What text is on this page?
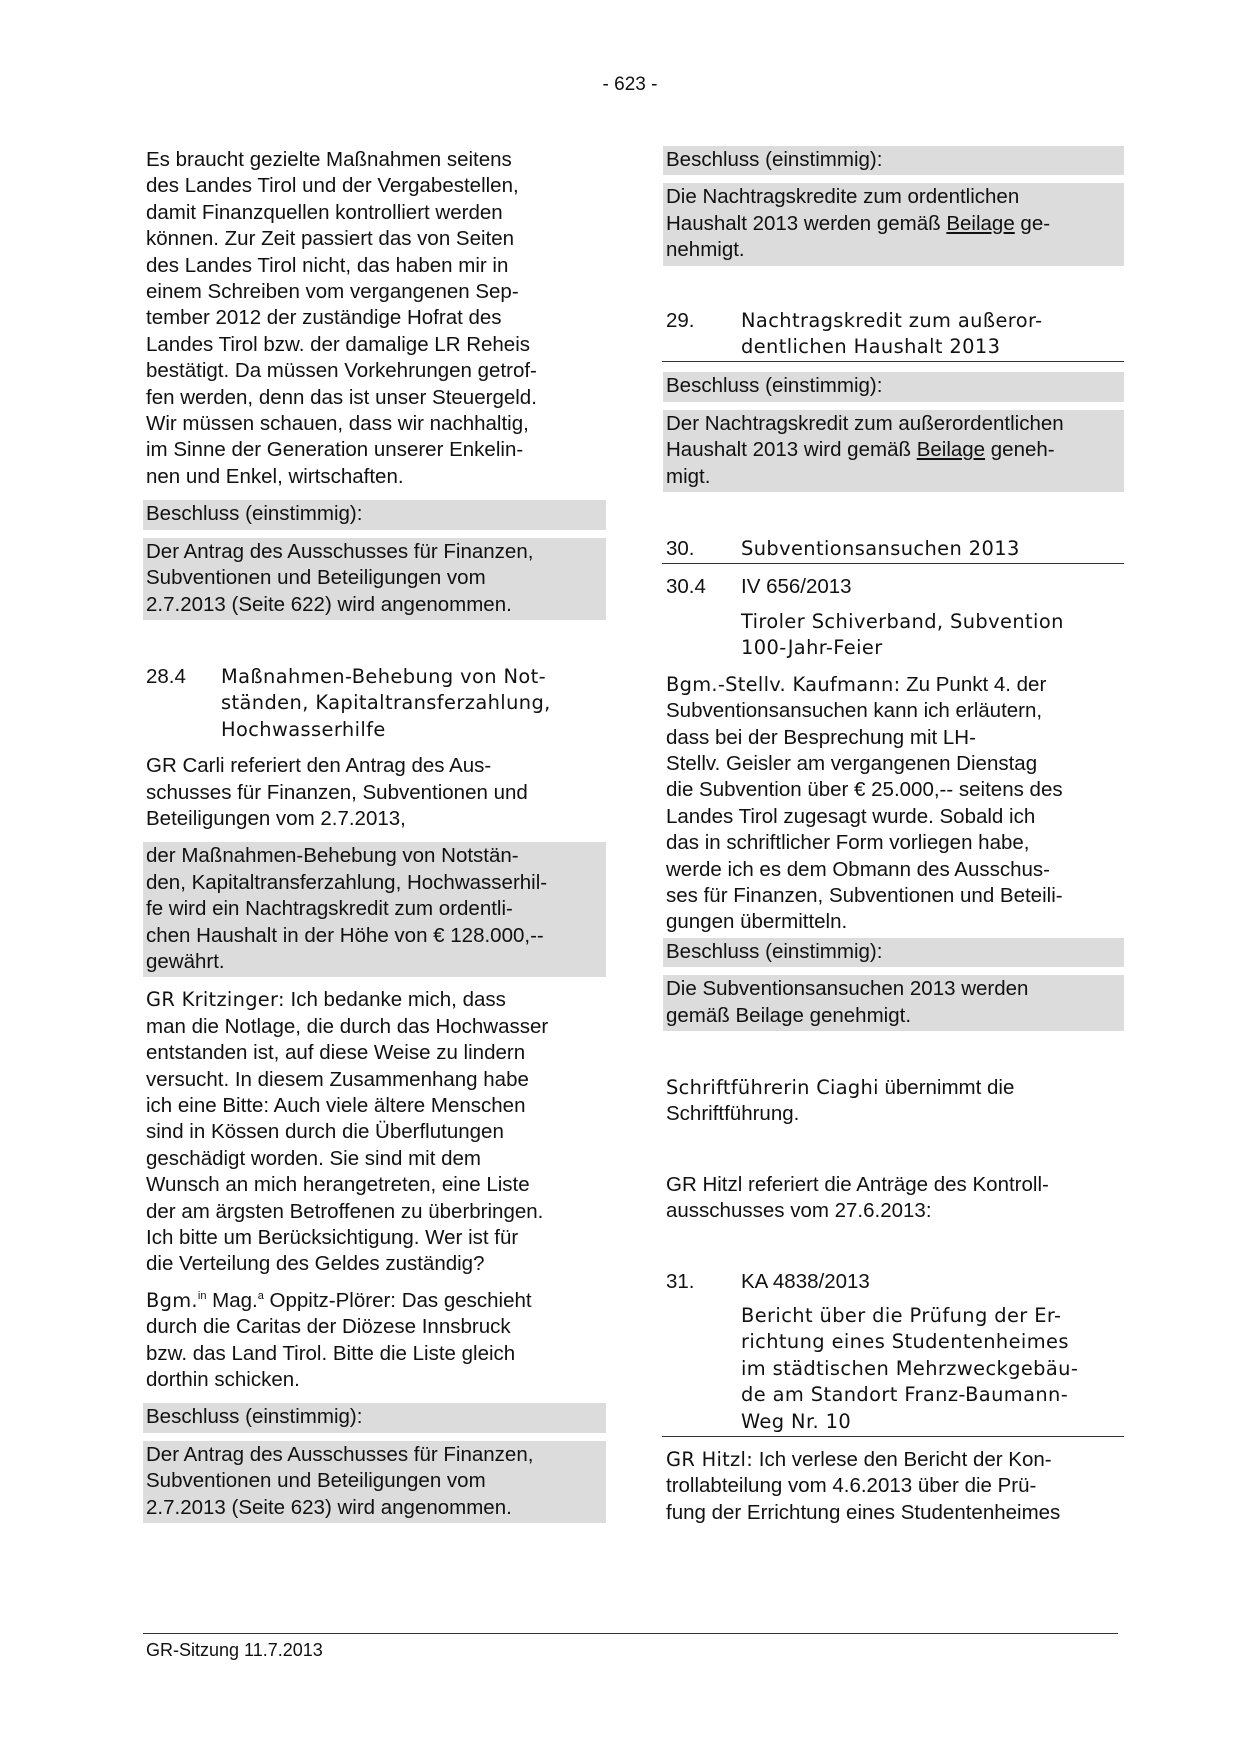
- 623 -
Es braucht gezielte Maßnahmen seitens
des Landes Tirol und der Vergabestellen,
damit Finanzquellen kontrolliert werden
können. Zur Zeit passiert das von Seiten
des Landes Tirol nicht, das haben mir in
einem Schreiben vom vergangenen Sep-
tember 2012 der zuständige Hofrat des
Landes Tirol bzw. der damalige LR Reheis
bestätigt. Da müssen Vorkehrungen getrof-
fen werden, denn das ist unser Steuergeld.
Wir müssen schauen, dass wir nachhaltig,
im Sinne der Generation unserer Enkelin-
nen und Enkel, wirtschaften.
Beschluss (einstimmig):
Der Antrag des Ausschusses für Finanzen,
Subventionen und Beteiligungen vom
2.7.2013 (Seite 622) wird angenommen.
28.4	Maßnahmen-Behebung von Not-
ständen, Kapitaltransferzahlung,
Hochwasserhilfe
GR Carli referiert den Antrag des Aus-
schusses für Finanzen, Subventionen und
Beteiligungen vom 2.7.2013,
der Maßnahmen-Behebung von Notstän-
den, Kapitaltransferzahlung, Hochwasserhil-
fe wird ein Nachtragskredit zum ordentli-
chen Haushalt in der Höhe von € 128.000,--
gewährt.
GR Kritzinger: Ich bedanke mich, dass
man die Notlage, die durch das Hochwasser
entstanden ist, auf diese Weise zu lindern
versucht. In diesem Zusammenhang habe
ich eine Bitte: Auch viele ältere Menschen
sind in Kössen durch die Überflutungen
geschädigt worden. Sie sind mit dem
Wunsch an mich herangetreten, eine Liste
der am ärgsten Betroffenen zu überbringen.
Ich bitte um Berücksichtigung. Wer ist für
die Verteilung des Geldes zuständig?
Bgm.$^{in}$ Mag.$^a$ Oppitz-Plörer: Das geschieht
durch die Caritas der Diözese Innsbruck
bzw. das Land Tirol. Bitte die Liste gleich
dorthin schicken.
Beschluss (einstimmig):
Der Antrag des Ausschusses für Finanzen,
Subventionen und Beteiligungen vom
2.7.2013 (Seite 623) wird angenommen.
Beschluss (einstimmig):
Die Nachtragskredite zum ordentlichen
Haushalt 2013 werden gemäß Beilage ge-
nehmigt.
29.	Nachtragskredit zum außeror-
dentlichen Haushalt 2013
Beschluss (einstimmig):
Der Nachtragskredit zum außerordentlichen
Haushalt 2013 wird gemäß Beilage geneh-
migt.
30.	Subventionsansuchen 2013
30.4	IV 656/2013
Tiroler Schiverband, Subvention
100-Jahr-Feier
Bgm.-Stellv. Kaufmann: Zu Punkt 4. der
Subventionsansuchen kann ich erläutern,
dass bei der Besprechung mit LH-
Stellv. Geisler am vergangenen Dienstag
die Subvention über € 25.000,-- seitens des
Landes Tirol zugesagt wurde. Sobald ich
das in schriftlicher Form vorliegen habe,
werde ich es dem Obmann des Ausschus-
ses für Finanzen, Subventionen und Beteili-
gungen übermitteln.
Beschluss (einstimmig):
Die Subventionsansuchen 2013 werden
gemäß Beilage genehmigt.
Schriftführerin Ciaghi übernimmt die
Schriftführung.
GR Hitzl referiert die Anträge des Kontroll-
ausschusses vom 27.6.2013:
31.	KA 4838/2013
Bericht über die Prüfung der Er-
richtung eines Studentenheimes
im städtischen Mehrzweckgebäu-
de am Standort Franz-Baumann-
Weg Nr. 10
GR Hitzl: Ich verlese den Bericht der Kon-
trollabteilung vom 4.6.2013 über die Prü-
fung der Errichtung eines Studentenheimes
GR-Sitzung 11.7.2013
